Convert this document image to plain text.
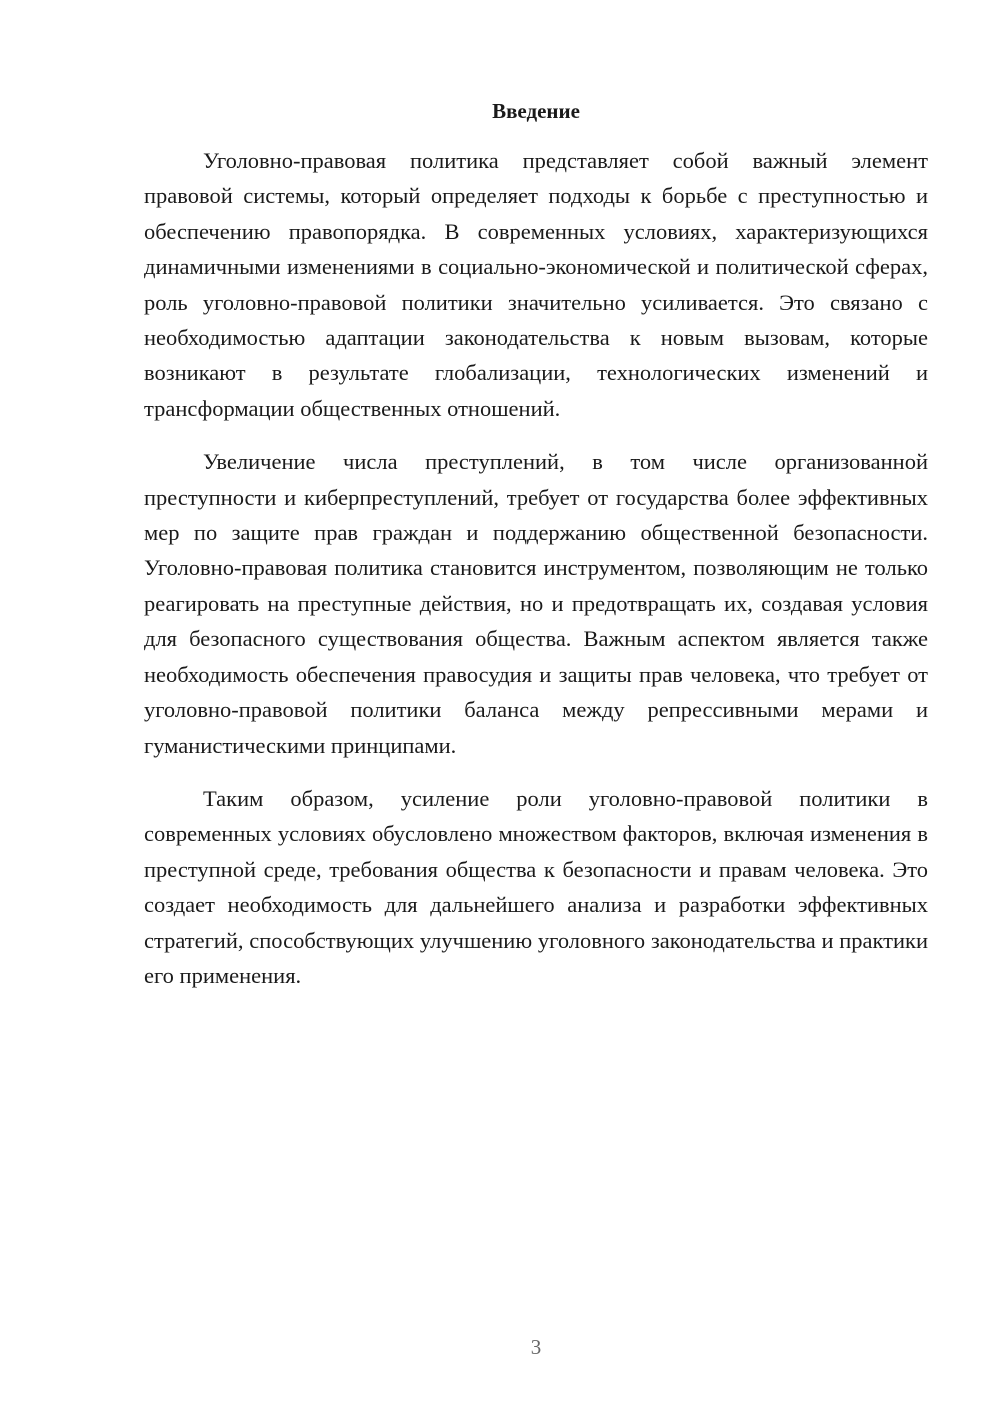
Введение

Уголовно-правовая политика представляет собой важный элемент правовой системы, который определяет подходы к борьбе с преступностью и обеспечению правопорядка. В современных условиях, характеризующихся динамичными изменениями в социально-экономической и политической сферах, роль уголовно-правовой политики значительно усиливается. Это связано с необходимостью адаптации законодательства к новым вызовам, которые возникают в результате глобализации, технологических изменений и трансформации общественных отношений.

Увеличение числа преступлений, в том числе организованной преступности и киберпреступлений, требует от государства более эффективных мер по защите прав граждан и поддержанию общественной безопасности. Уголовно-правовая политика становится инструментом, позволяющим не только реагировать на преступные действия, но и предотвращать их, создавая условия для безопасного существования общества. Важным аспектом является также необходимость обеспечения правосудия и защиты прав человека, что требует от уголовно-правовой политики баланса между репрессивными мерами и гуманистическими принципами.

Таким образом, усиление роли уголовно-правовой политики в современных условиях обусловлено множеством факторов, включая изменения в преступной среде, требования общества к безопасности и правам человека. Это создает необходимость для дальнейшего анализа и разработки эффективных стратегий, способствующих улучшению уголовного законодательства и практики его применения.

3
